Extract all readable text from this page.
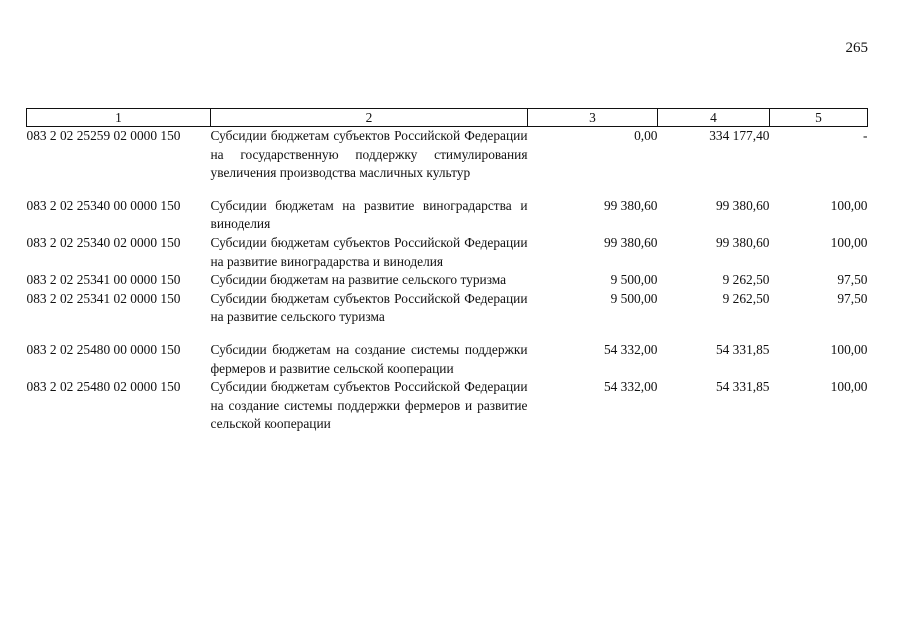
265
1	2	3	4	5
083 2 02 25259 02 0000 150	Субсидии бюджетам субъектов Российской Федерации на государственную поддержку стимулирования увеличения производства масличных культур	0,00	334 177,40	-
083 2 02 25340 00 0000 150	Субсидии бюджетам на развитие виноградарства и виноделия	99 380,60	99 380,60	100,00
083 2 02 25340 02 0000 150	Субсидии бюджетам субъектов Российской Федерации на развитие виноградарства и виноделия	99 380,60	99 380,60	100,00
083 2 02 25341 00 0000 150	Субсидии бюджетам на развитие сельского туризма	9 500,00	9 262,50	97,50
083 2 02 25341 02 0000 150	Субсидии бюджетам субъектов Российской Федерации на развитие сельского туризма	9 500,00	9 262,50	97,50
083 2 02 25480 00 0000 150	Субсидии бюджетам на создание системы поддержки фермеров и развитие сельской кооперации	54 332,00	54 331,85	100,00
083 2 02 25480 02 0000 150	Субсидии бюджетам субъектов Российской Федерации на создание системы поддержки фермеров и развитие сельской кооперации	54 332,00	54 331,85	100,00
